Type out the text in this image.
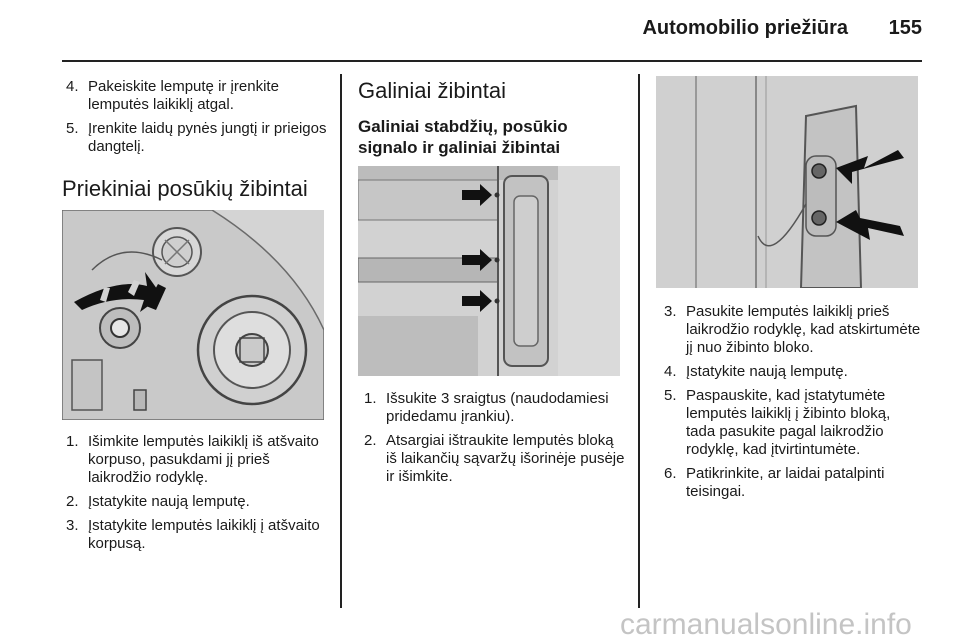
Automobilio priežiūra	155
4. Pakeiskite lemputę ir įrenkite lemputės laikiklį atgal.
5. Įrenkite laidų pynės jungtį ir prieigos dangtelį.
Priekiniai posūkių žibintai
1. Išimkite lemputės laikiklį iš atšvaito korpuso, pasukdami jį prieš laikrodžio rodyklę.
2. Įstatykite naują lemputę.
3. Įstatykite lemputės laikiklį į atšvaito korpusą.
Galiniai žibintai
Galiniai stabdžių, posūkio signalo ir galiniai žibintai
1. Išsukite 3 sraigtus (naudodamiesi pridedamu įrankiu).
2. Atsargiai ištraukite lemputės bloką iš laikančių sąvaržų išorinėje pusėje ir išimkite.
3. Pasukite lemputės laikiklį prieš laikrodžio rodyklę, kad atskirtumėte jį nuo žibinto bloko.
4. Įstatykite naują lemputę.
5. Paspauskite, kad įstatytumėte lemputės laikiklį į žibinto bloką, tada pasukite pagal laikrodžio rodyklę, kad įtvirtintumėte.
6. Patikrinkite, ar laidai patalpinti teisingai.
carmanualsonline.info
